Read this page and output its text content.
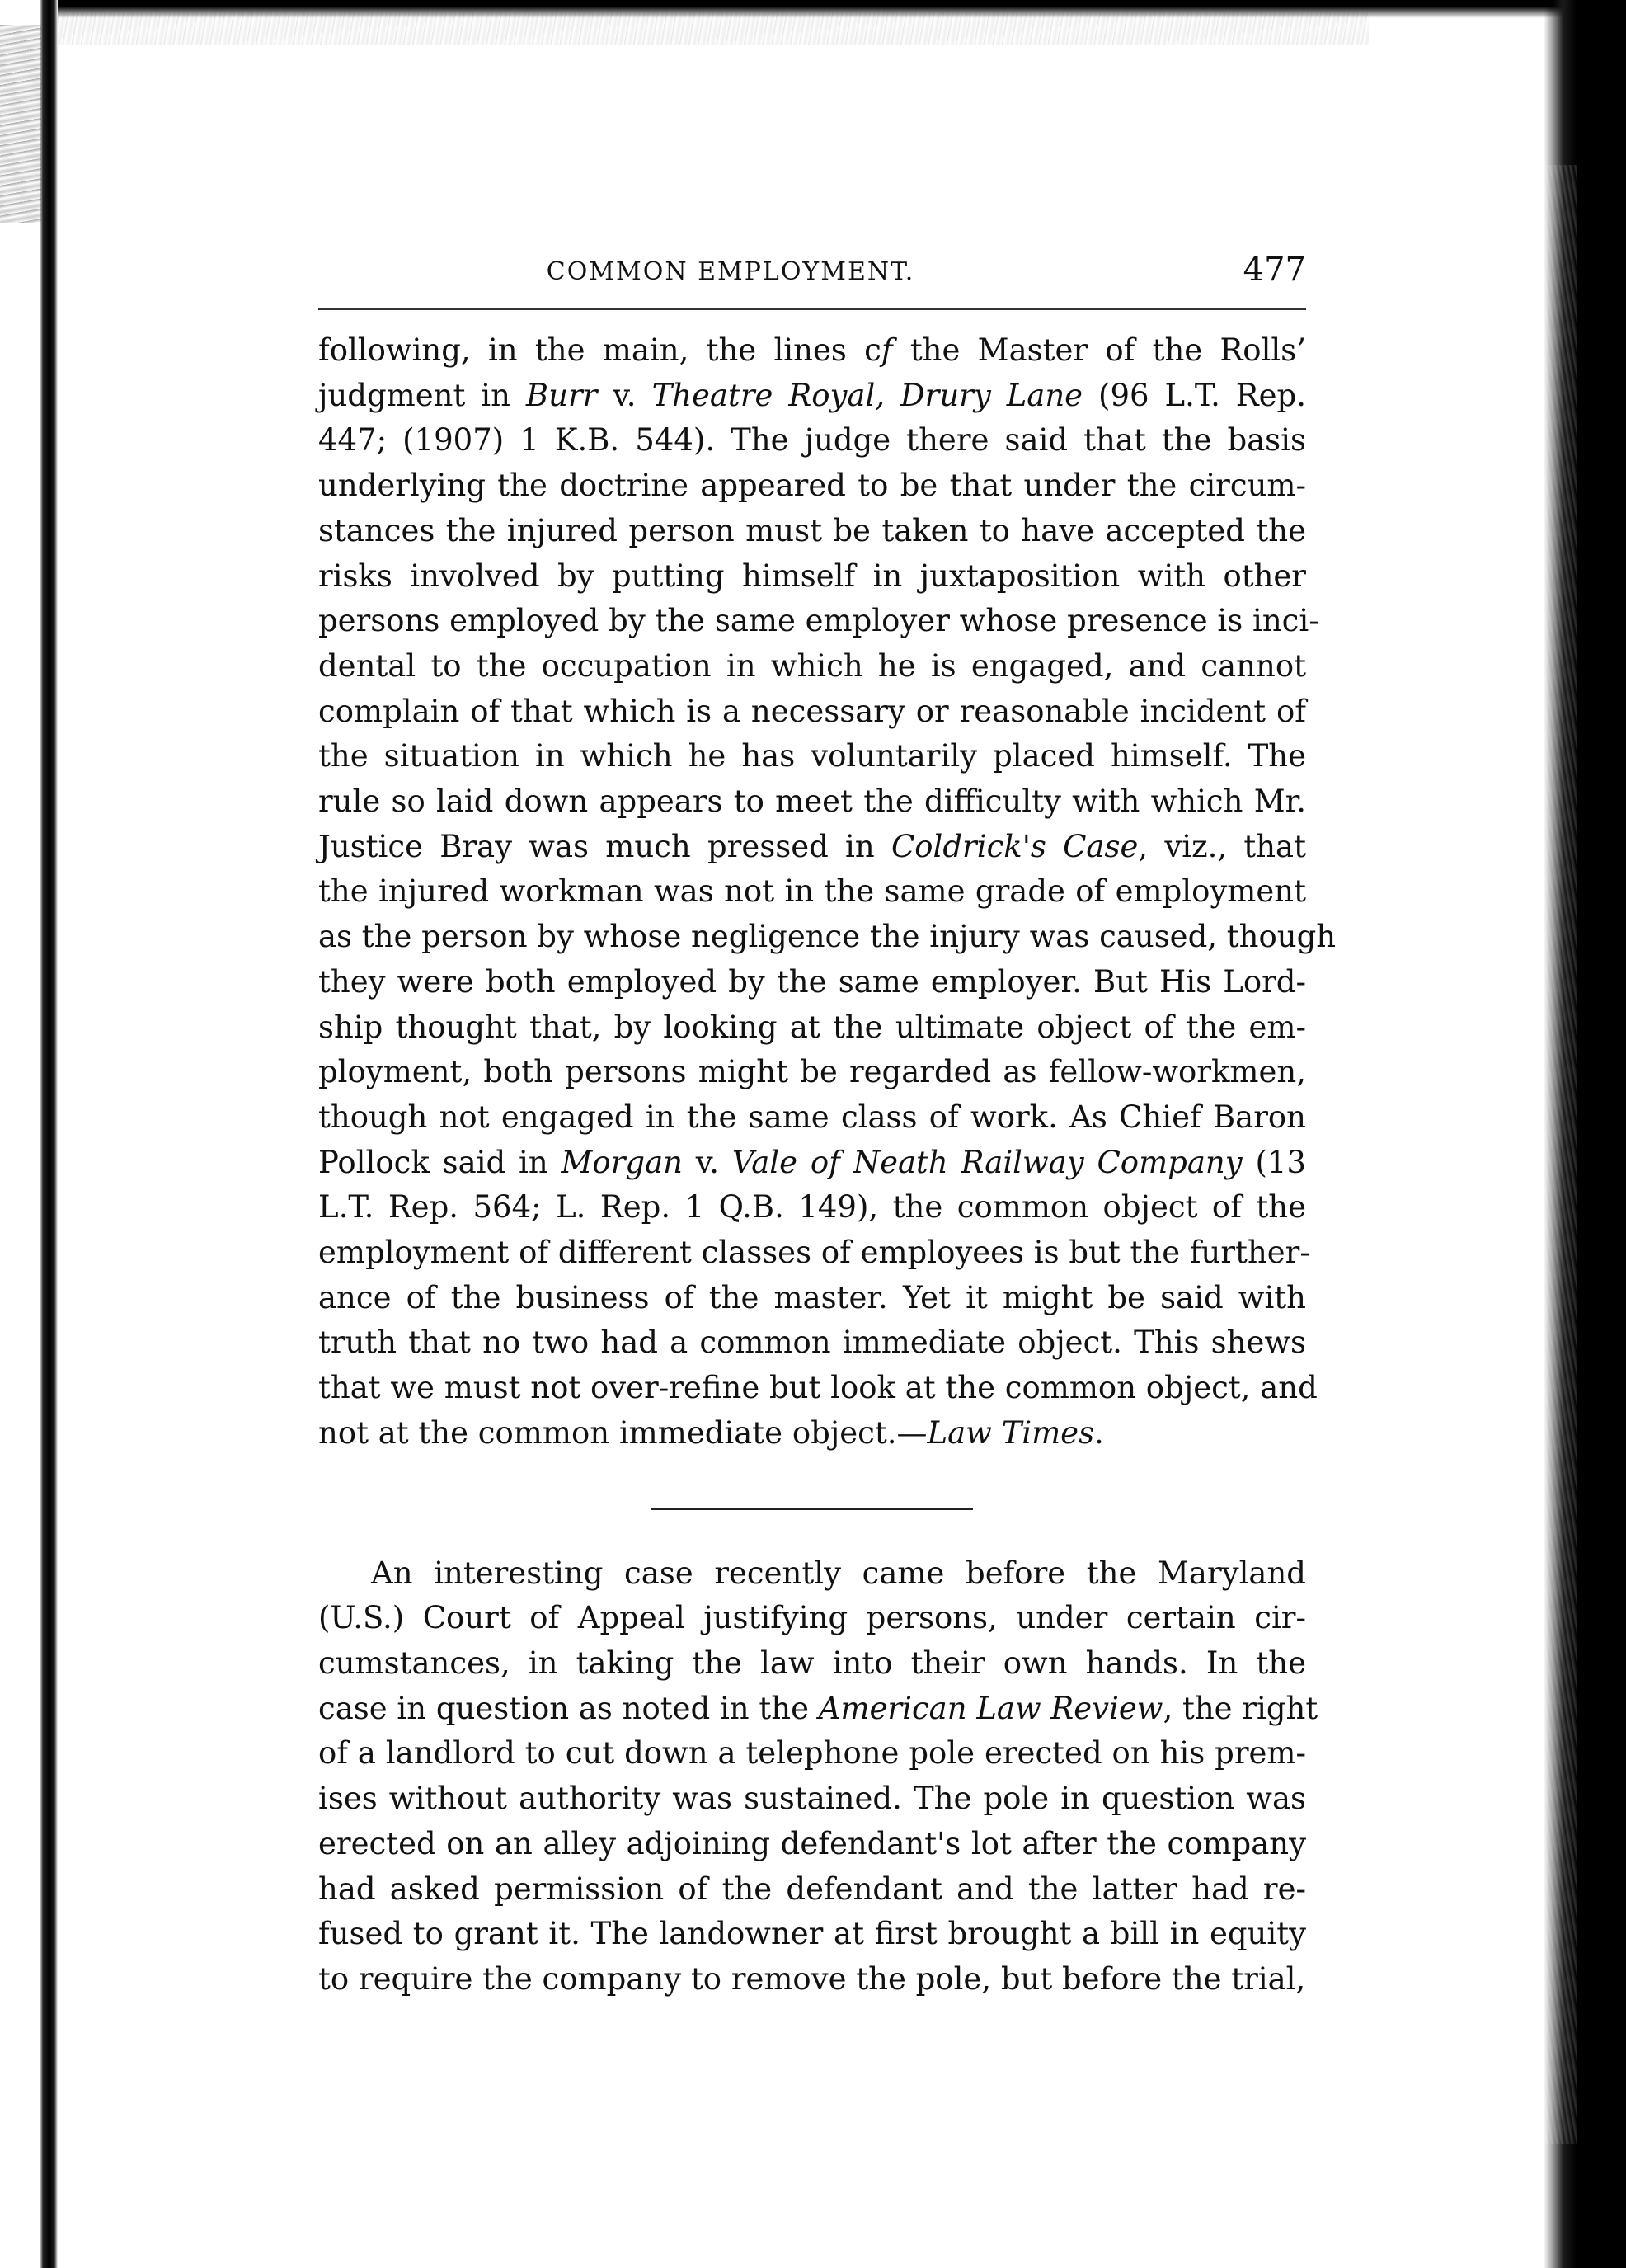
COMMON EMPLOYMENT.	477

following, in the main, the lines cf the Master of the Rolls’
judgment in Burr v. Theatre Royal, Drury Lane (96 L.T. Rep.
447; (1907) 1 K.B. 544). The judge there said that the basis
underlying the doctrine appeared to be that under the circum-
stances the injured person must be taken to have accepted the
risks involved by putting himself in juxtaposition with other
persons employed by the same employer whose presence is inci-
dental to the occupation in which he is engaged, and cannot
complain of that which is a necessary or reasonable incident of
the situation in which he has voluntarily placed himself. The
rule so laid down appears to meet the difficulty with which Mr.
Justice Bray was much pressed in Coldrick's Case, viz., that
the injured workman was not in the same grade of employment
as the person by whose negligence the injury was caused, though
they were both employed by the same employer. But His Lord-
ship thought that, by looking at the ultimate object of the em-
ployment, both persons might be regarded as fellow-workmen,
though not engaged in the same class of work. As Chief Baron
Pollock said in Morgan v. Vale of Neath Railway Company (13
L.T. Rep. 564; L. Rep. 1 Q.B. 149), the common object of the
employment of different classes of employees is but the further-
ance of the business of the master. Yet it might be said with
truth that no two had a common immediate object. This shews
that we must not over-refine but look at the common object, and
not at the common immediate object.—Law Times.

An interesting case recently came before the Maryland
(U.S.) Court of Appeal justifying persons, under certain cir-
cumstances, in taking the law into their own hands. In the
case in question as noted in the American Law Review, the right
of a landlord to cut down a telephone pole erected on his prem-
ises without authority was sustained. The pole in question was
erected on an alley adjoining defendant's lot after the company
had asked permission of the defendant and the latter had re-
fused to grant it. The landowner at first brought a bill in equity
to require the company to remove the pole, but before the trial,
